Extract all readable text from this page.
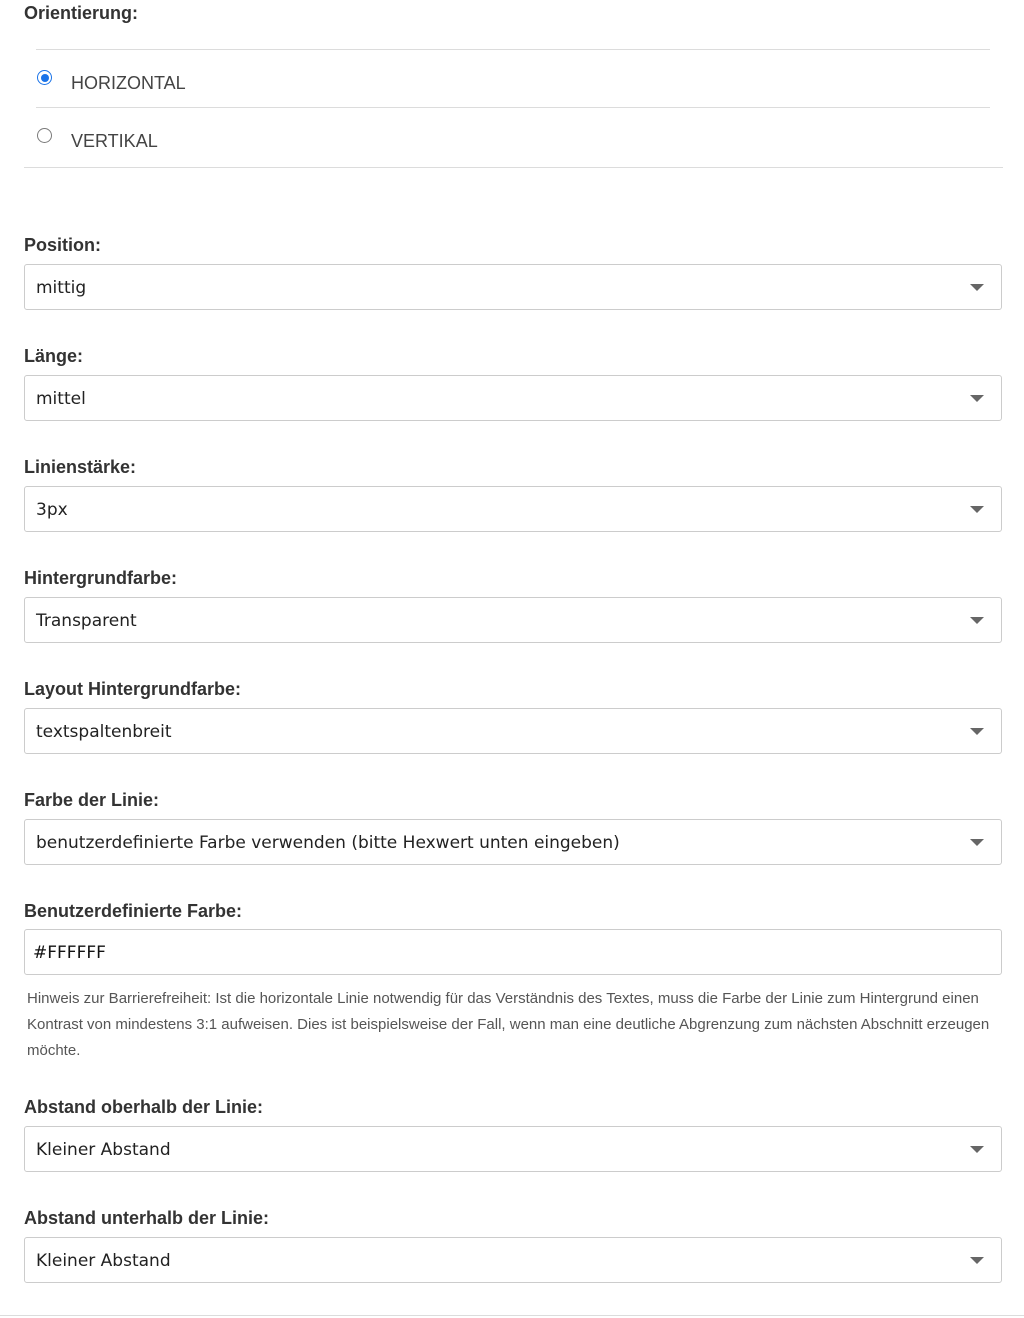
Orientierung:
HORIZONTAL
VERTIKAL
Position:
mittig
Länge:
mittel
Linienstärke:
3px
Hintergrundfarbe:
Transparent
Layout Hintergrundfarbe:
textspaltenbreit
Farbe der Linie:
benutzerdefinierte Farbe verwenden (bitte Hexwert unten eingeben)
Benutzerdefinierte Farbe:
#FFFFFF

Hinweis zur Barrierefreiheit: Ist die horizontale Linie notwendig für das Verständnis des Textes, muss die Farbe der Linie zum Hintergrund einen Kontrast von mindestens 3:1 aufweisen. Dies ist beispielsweise der Fall, wenn man eine deutliche Abgrenzung zum nächsten Abschnitt erzeugen möchte.

Abstand oberhalb der Linie:
Kleiner Abstand
Abstand unterhalb der Linie:
Kleiner Abstand
